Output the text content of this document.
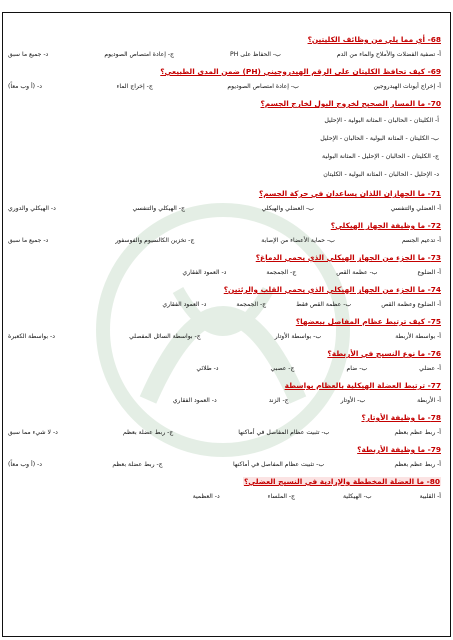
68- أي مما يلي من وظائف الكليتين؟
أ- تصفية الفضلات والأملاح والماء من الدم
ب- الحفاظ على PH
ج- إعادة امتصاص الصوديوم
د- جميع ما سبق
69- كيف تحافظ الكليتان على الرقم الهيدروجيني (PH) ضمن المدى الطبيعي؟
أ- إخراج أيونات الهيدروجين
ب- إعادة امتصاص الصوديوم
ج- إخراج الماء
د- (أ وب معاً)
70- ما المسار الصحيح لخروج البول لخارج الجسم؟
أ- الكليتان - الحالبان - المثانة البولية - الإحليل
ب- الكليتان - المثانة البولية - الحالبان - الإحليل
ج- الكليتان - الحالبان - الإحليل - المثانة البولية
د- الإحليل - الحالبان - المثانة البولية - الكليتان
71- ما الجهازان اللذان يساعدان في حركة الجسم؟
أ- العضلي والتنفسي
ب- العضلي والهيكلي
ج- الهيكلي والتنفسي
د- الهيكلي والدوري
72- ما وظيفة الجهاز الهيكلي؟
أ- تدعيم الجسم
ب- حماية الأعضاء من الإصابة
ج- تخزين الكالسيوم والفوسفور
د- جميع ما سبق
73- ما الجزء من الجهاز الهيكلي الذي يحمي الدماغ؟
أ- الضلوع
ب- عظمة القص
ج- الجمجمة
د- العمود الفقاري
74- ما الجزء من الجهاز الهيكلي الذي يحمي القلب والرئتين؟
أ- الضلوع وعظمة القص
ب- عظمة القص فقط
ج- الجمجمة
د- العمود الفقاري
75- كيف ترتبط عظام المفاصل ببعضها؟
أ- بواسطة الأربطة
ب- بواسطة الأوتار
ج- بواسطة السائل المفصلي
د- بواسطة الكعبرة
76- ما نوع النسيج في الأربطة؟
أ- عضلي
ب- ضام
ج- عصبي
د- طلائي
77- ترتبط العضلة الهيكلية بالعظام بواسطة
أ- الأربطة
ب- الأوتار
ج- الزند
د- العمود الفقاري
78- ما وظيفة الأوتار؟
أ- ربط عظم بعظم
ب- تثبيت عظام المفاصل في أماكنها
ج- ربط عضلة بعظم
د- لا شيء مما سبق
79- ما وظيفة الأربطة؟
أ- ربط عظم بعظم
ب- تثبيت عظام المفاصل في أماكنها
ج- ربط عضلة بعظم
د- (أ وب معاً)
80- ما العضلة المخططة والإرادية في النسيج العضلي؟
أ- القلبية
ب- الهيكلية
ج- الملساء
د- العظمية
